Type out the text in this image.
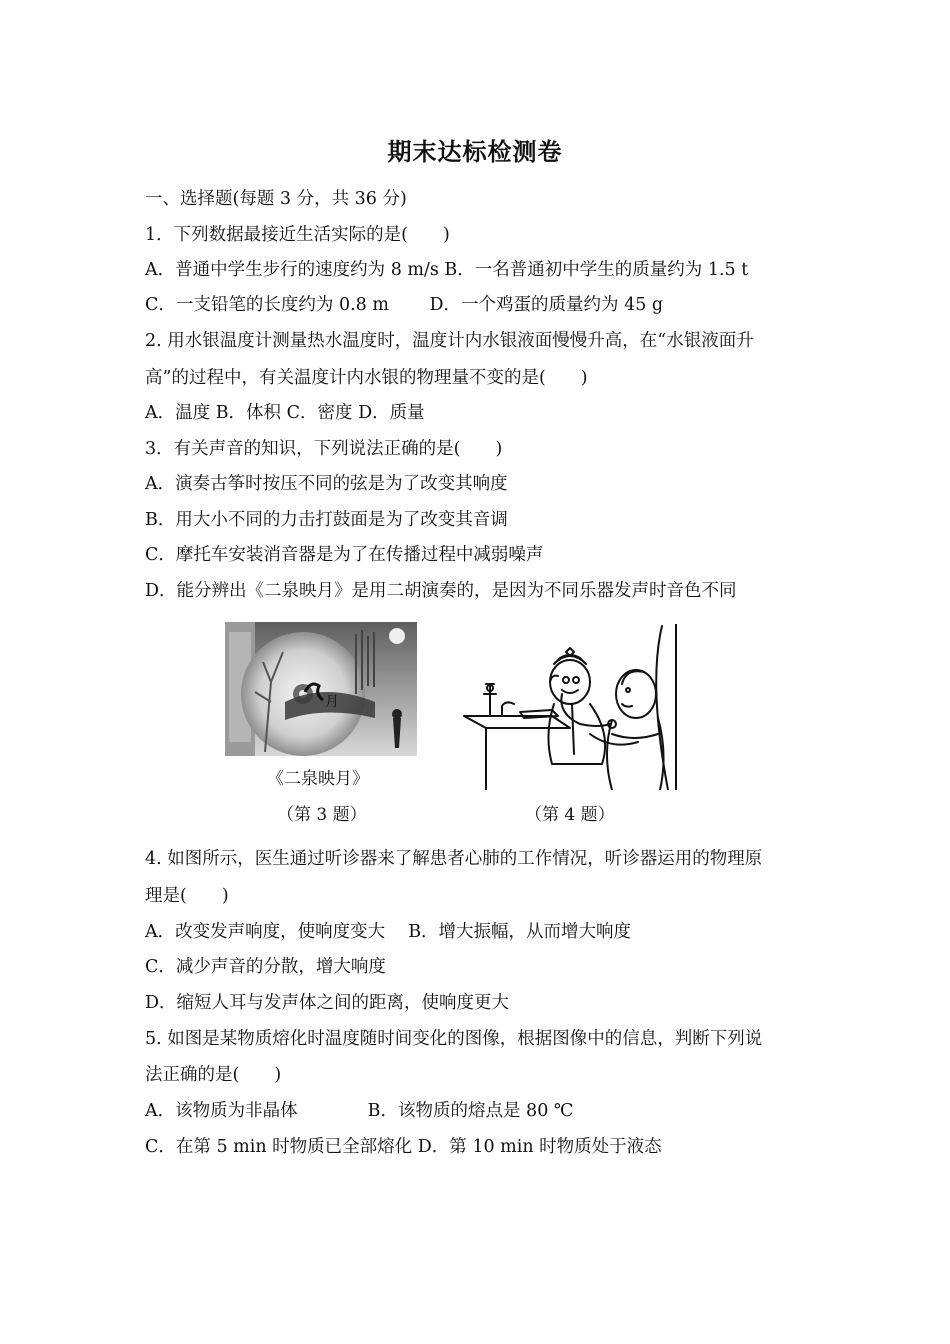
期末达标检测卷
一、选择题(每题 3 分，共 36 分)
1．下列数据最接近生活实际的是(　　)
A．普通中学生步行的速度约为 8 m/s B．一名普通初中学生的质量约为 1.5 t
C．一支铅笔的长度约为 0.8 m　　 D．一个鸡蛋的质量约为 45 g
2. 用水银温度计测量热水温度时，温度计内水银液面慢慢升高，在“水银液面升
高”的过程中，有关温度计内水银的物理量不变的是(　　)
A．温度 B．体积 C．密度 D．质量
3．有关声音的知识，下列说法正确的是(　　)
A．演奏古筝时按压不同的弦是为了改变其响度
B．用大小不同的力击打鼓面是为了改变其音调
C．摩托车安装消音器是为了在传播过程中减弱噪声
D．能分辨出《二泉映月》是用二胡演奏的，是因为不同乐器发声时音色不同
月
《二泉映月》
（第 3 题）	（第 4 题）
4. 如图所示，医生通过听诊器来了解患者心肺的工作情况，听诊器运用的物理原
理是(　　)
A．改变发声响度，使响度变大　 B．增大振幅，从而增大响度
C．减少声音的分散，增大响度
D．缩短人耳与发声体之间的距离，使响度更大
5. 如图是某物质熔化时温度随时间变化的图像，根据图像中的信息，判断下列说
法正确的是(　　)
A．该物质为非晶体　　　　B．该物质的熔点是 80 ℃
C．在第 5 min 时物质已全部熔化 D．第 10 min 时物质处于液态
